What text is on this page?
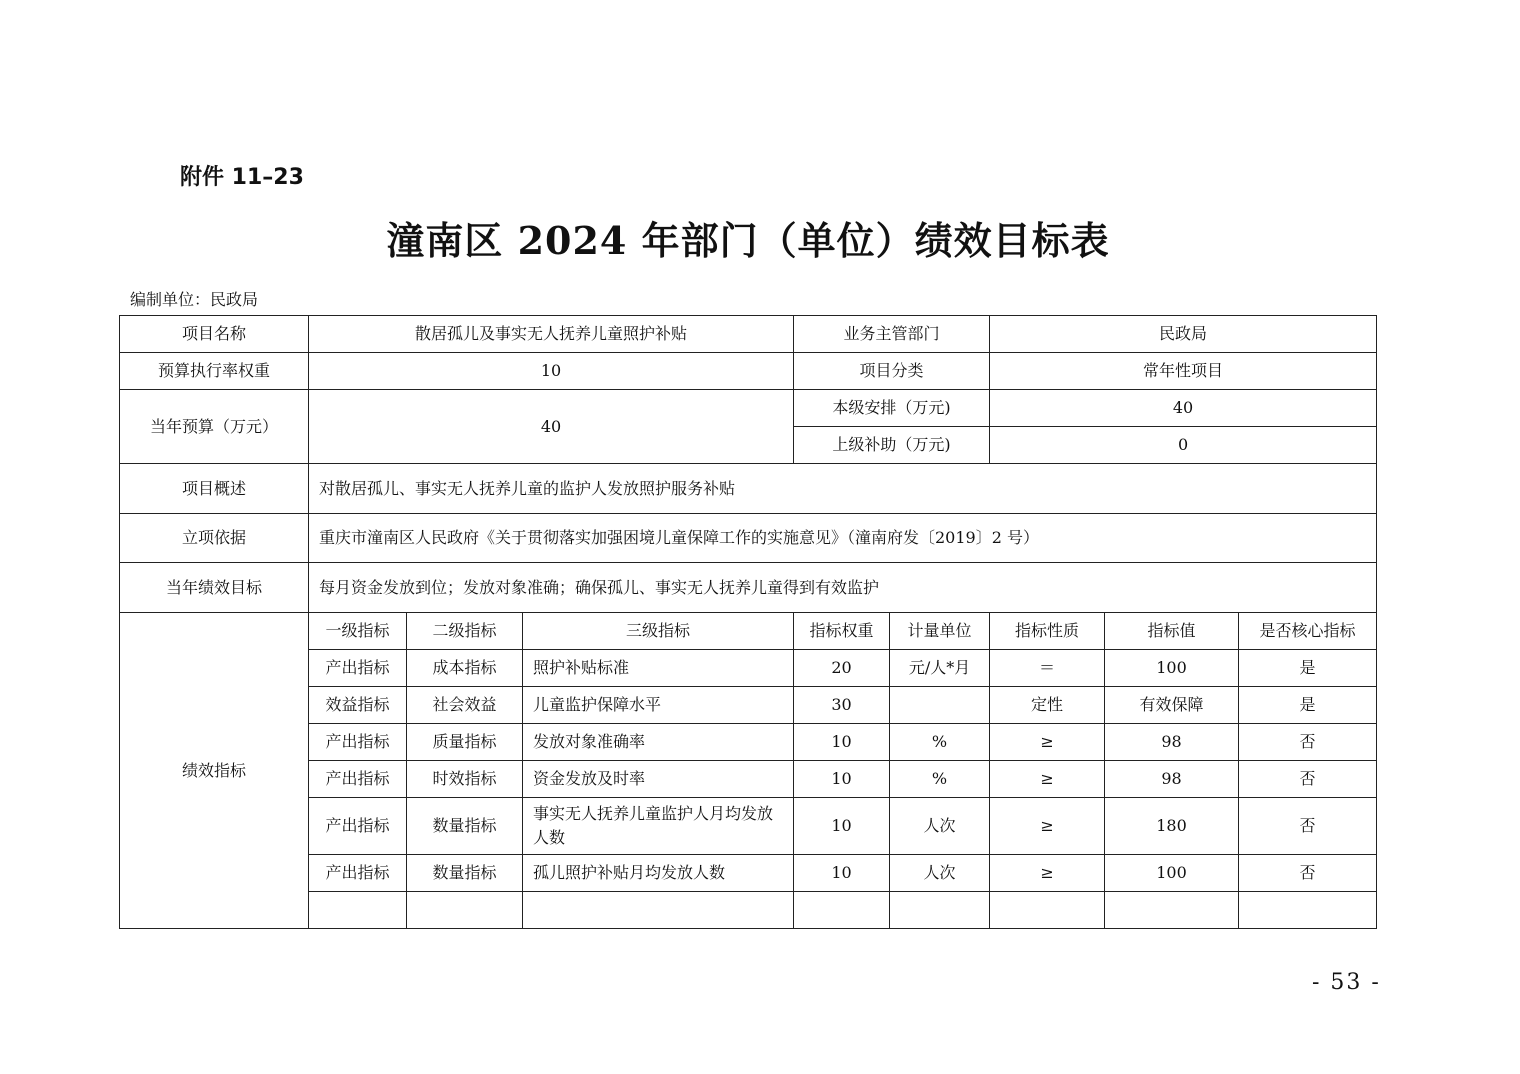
附件 11–23
潼南区 2024 年部门（单位）绩效目标表
编制单位：民政局
项目名称	散居孤儿及事实无人抚养儿童照护补贴			业务主管部门		民政局		
预算执行率权重	10			项目分类		常年性项目		
当年预算（万元）	40			本级安排（万元)		40		
				上级补助（万元)		0		
项目概述	对散居孤儿、事实无人抚养儿童的监护人发放照护服务补贴							
立项依据	重庆市潼南区人民政府《关于贯彻落实加强困境儿童保障工作的实施意见》（潼南府发〔2019〕2 号）							
当年绩效目标	每月资金发放到位；发放对象准确；确保孤儿、事实无人抚养儿童得到有效监护							
绩效指标	一级指标	二级指标	三级指标	指标权重	计量单位	指标性质	指标值	是否核心指标
	产出指标	成本指标	照护补贴标准	20	元/人*月	＝	100	是
	效益指标	社会效益	儿童监护保障水平	30		定性	有效保障	是
	产出指标	质量指标	发放对象准确率	10	%	≥	98	否
	产出指标	时效指标	资金发放及时率	10	%	≥	98	否
	产出指标	数量指标	事实无人抚养儿童监护人月均发放人数	10	人次	≥	180	否
	产出指标	数量指标	孤儿照护补贴月均发放人数	10	人次	≥	100	否

- 53 -
